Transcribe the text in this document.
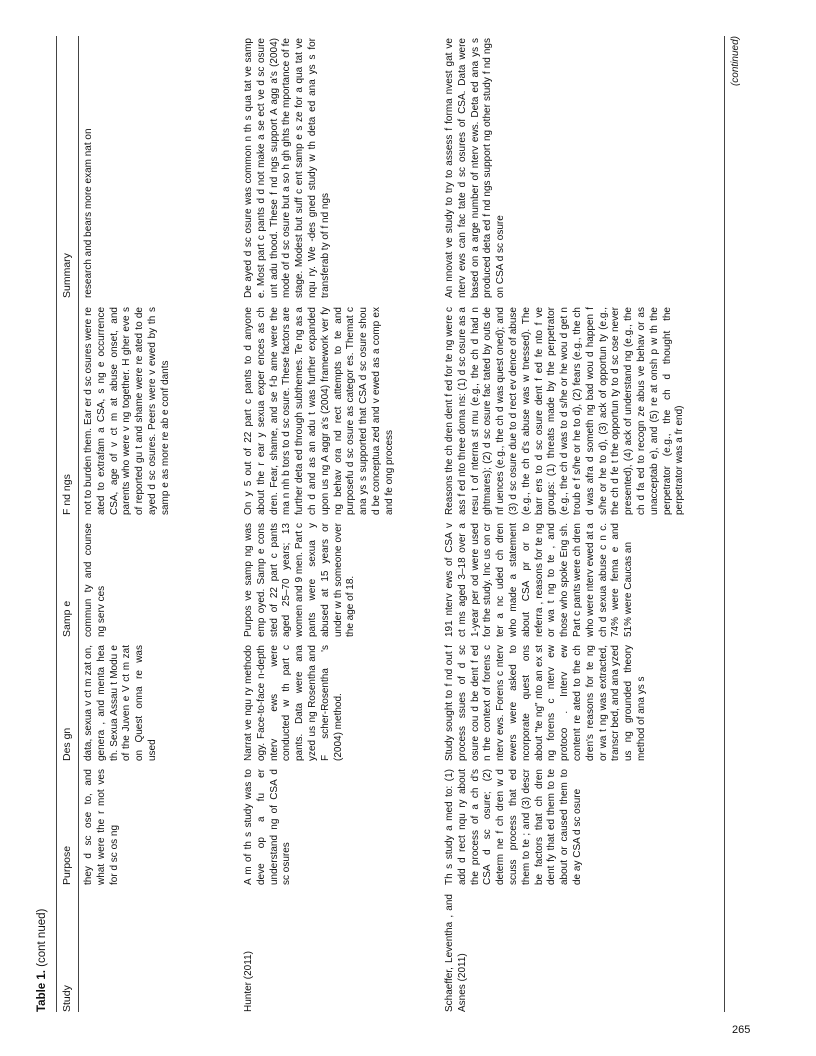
Table 1. (cont nued)
Study
Purpose
Des gn
Samp e
F nd ngs
Summary
they d sc ose to, and what were the r mot ves for d sc os ng
data, sexua v ct m zat on, genera , and menta hea th. Sexua Assau t Modu e of the Juven e V ct m zat on Quest onna re was used
commun ty and counse ng serv ces
not to burden them. Ear er d sc osures were re ated to extrafam a CSA, s ng e occurrence CSA, age of v ct m at abuse onset, and parents who were v ng together. H gher eve s of reported gu t and shame were re ated to de ayed d sc osures. Peers were v ewed by th s samp e as more re ab e conf dants
research and bears more exam nat on
Hunter (2011)
A m of th s study was to deve op a fu er understand ng of CSA d sc osures
Narrat ve nqu ry methodo ogy. Face-to-face n-depth nterv ews were conducted w th part c pants. Data were ana yzed us ng Rosentha and F scher-Rosentha 's (2004) method.
Purpos ve samp ng was emp oyed. Samp e cons sted of 22 part c pants aged 25–70 years; 13 women and 9 men. Part c pants were sexua y abused at 15 years or under w th someone over the age of 18.
On y 5 out of 22 part c pants to d anyone about the r ear y sexua exper ences as ch dren. Fear, shame, and se f-b ame were the ma n nh b tors to d sc osure. These factors are further deta ed through subthemes. Te ng as a ch d and as an adu t was further expanded upon us ng A aggr a's (2004) framework ver fy ng behav ora nd rect attempts to te and purposefu d sc osure as categor es. Themat c ana ys s supported that CSA d sc osure shou d be conceptua zed and v ewed as a comp ex and fe ong process
De ayed d sc osure was common n th s qua tat ve samp e. Most part c pants d d not make a se ect ve d sc osure unt adu thood. These f nd ngs support A agg a's (2004) mode of d sc osure but a so h gh ghts the mportance of fe stage. Modest but suff c ent samp e s ze for a qua tat ve nqu ry. We -des gned study w th deta ed ana ys s for transferab ty of f nd ngs
Schaeffer, Leventha , and Asnes (2011)
Th s study a med to: (1) add d rect nqu ry about the process of a ch d's CSA d sc osure; (2) determ ne f ch dren w d scuss process that ed them to te ; and (3) descr be factors that ch dren dent fy that ed them to te about or caused them to de ay CSA d sc osure
Study sought to f nd out f process ssues of d sc osure cou d be dent f ed n the context of forens c nterv ews. Forens c nterv ewers were asked to ncorporate quest ons about "te ng" nto an ex st ng forens c nterv ew protoco . Interv ew content re ated to the ch dren's reasons for te ng or wa t ng was extracted, transcr bed, and ana yzed us ng grounded theory method of ana ys s
191 nterv ews of CSA v ct ms aged 3–18 over a 1-year per od were used for the study. Inc us on cr ter a nc uded ch dren who made a statement about CSA pr or to referra , reasons for te ng or wa t ng to te , and those who spoke Eng sh. Part c pants were ch dren who were nterv ewed at a ch d sexua abuse c n c. 74% were fema e and 51% were Caucas an
Reasons the ch dren dent f ed for te ng were c ass f ed nto three doma ns: (1) d sc osure as a resu t of nterna st mu (e.g., the ch d had n ghtmares); (2) d sc osure fac tated by outs de nf uences (e.g., the ch d was quest oned); and (3) d sc osure due to d rect ev dence of abuse (e.g., the ch d's abuse was w tnessed). The barr ers to d sc osure dent f ed fe nto f ve groups: (1) threats made by the perpetrator (e.g., the ch d was to d s/he or he wou d get n troub e f s/he or he to d), (2) fears (e.g., the ch d was afra d someth ng bad wou d happen f s/he or he to d), (3) ack of opportun ty (e.g., the ch d fe t the opportun ty to d sc ose never presented), (4) ack of understand ng (e.g., the ch d fa ed to recogn ze abus ve behav or as unacceptab e), and (5) re at onsh p w th the perpetrator (e.g., the ch d thought the perpetrator was a fr end)
An nnovat ve study to try to assess f forma nvest gat ve nterv ews can fac tate d sc osures of CSA. Data were based on a arge number of nterv ews. Deta ed ana ys s produced deta ed f nd ngs support ng other study f nd ngs on CSA d sc osure
(continued)
265
